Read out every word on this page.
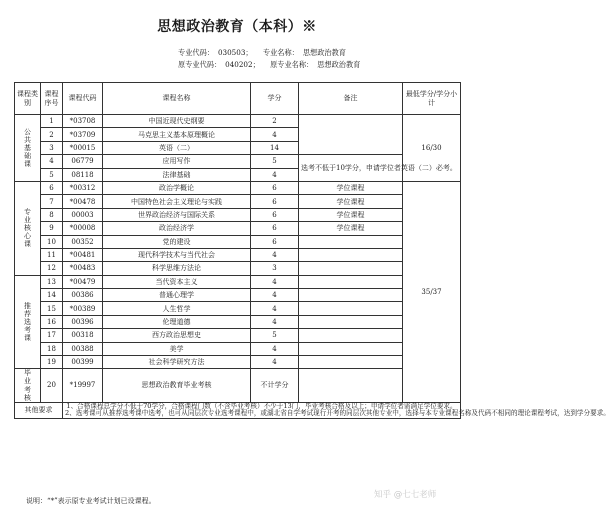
思想政治教育（本科）※
专业代码： 030503； 专业名称： 思想政治教育
原专业代码： 040202； 原专业名称： 思想政治教育
课程类别	课程序号	课程代码	课程名称	学分	备注	最低学分/学分小计	
公共基础课	1	*03708	中国近现代史纲要	2		16/30	
	2	*03709	马克思主义基本原理概论	4			
	3	*00015	英语（二）	14			
	4	06779	应用写作	5	选考不低于10学分，申请学位者英语（二）必考。		
	5	08118	法律基础	4			
专业核心课	6	*00312	政治学概论	6	学位课程	35/37	
	7	*00478	中国特色社会主义理论与实践	6	学位课程		
	8	00003	世界政治经济与国际关系	6	学位课程		
	9	*00008	政治经济学	6	学位课程		
	10	00352	党的建设	6			
	11	*00481	现代科学技术与当代社会	4			
	12	*00483	科学思维方法论	3			
推荐选考课	13	*00479	当代资本主义	4			
	14	00386	普通心理学	4			
	15	*00389	人生哲学	4			
	16	00396	伦理道德	4			
	17	00318	西方政治思想史	5			
	18	00388	美学	4			
	19	00399	社会科学研究方法	4			
毕业考核	20	*19997	思想政治教育毕业考核	不计学分			
其他要求		1、合格课程总学分不低于70学分，合格课程门数（不含毕业考核）不少于13门，毕业考核合格及以上；申请学位者需满足学位要求。

2、选考课可从推荐选考课中选考，也可从同层次专业选考课程中，或湖北省自学考试现行开考的同层次其他专业中，选择与本专业课程名称及代码不相同的理论课程考试，达到学分要求。					

说明：“*”表示原专业考试计划已设课程。
知乎 @七七老师
